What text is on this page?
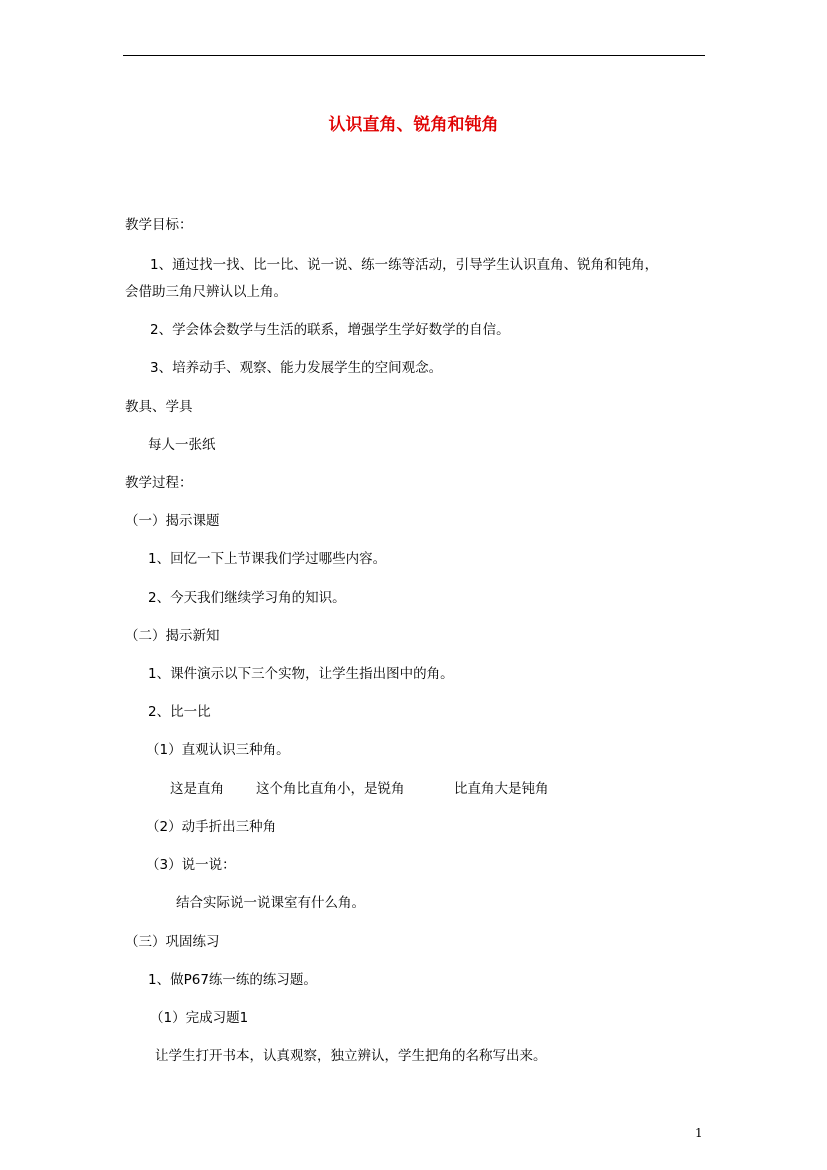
认识直角、锐角和钝角
教学目标：
1、通过找一找、比一比、说一说、练一练等活动，引导学生认识直角、锐角和钝角，
会借助三角尺辨认以上角。
2、学会体会数学与生活的联系，增强学生学好数学的自信。
3、培养动手、观察、能力发展学生的空间观念。
教具、学具
每人一张纸
教学过程：
（一）揭示课题
1、回忆一下上节课我们学过哪些内容。
2、今天我们继续学习角的知识。
（二）揭示新知
1、课件演示以下三个实物，让学生指出图中的角。
2、比一比
（1）直观认识三种角。
这是直角 这个角比直角小，是锐角	比直角大是钝角
（2）动手折出三种角
（3）说一说：
结合实际说一说课室有什么角。
（三）巩固练习
1、做P67练一练的练习题。
（1）完成习题1
让学生打开书本，认真观察，独立辨认，学生把角的名称写出来。
1
